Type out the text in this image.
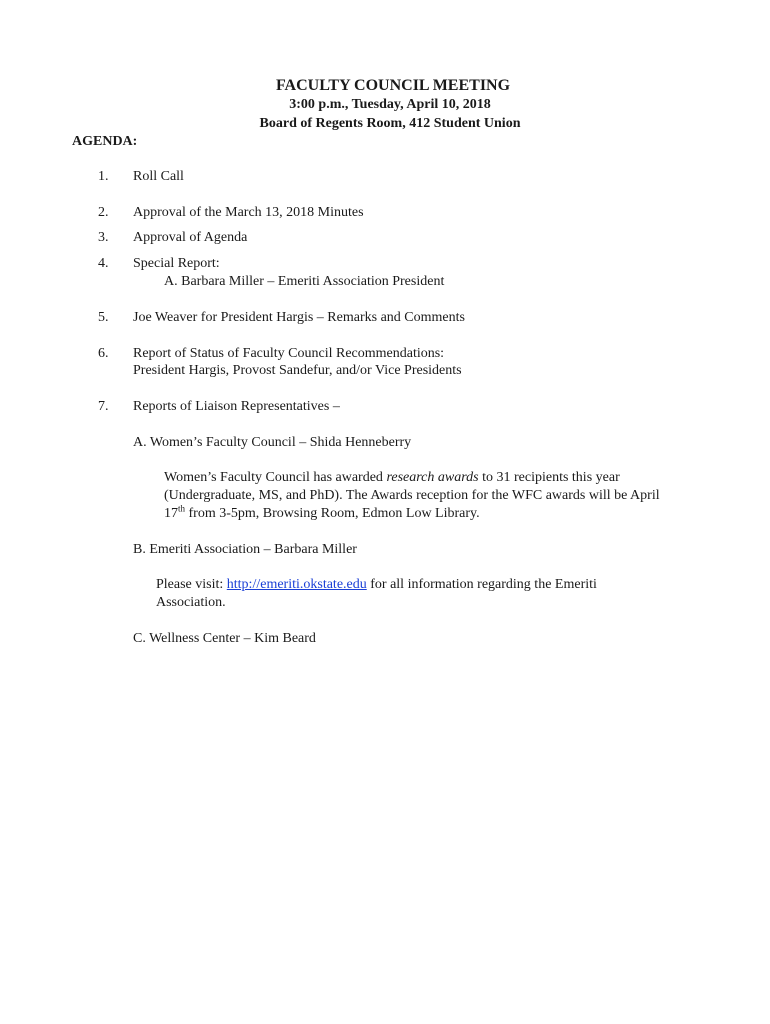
FACULTY COUNCIL MEETING
3:00 p.m., Tuesday, April 10, 2018
Board of Regents Room, 412 Student Union
AGENDA:
1. Roll Call
2. Approval of the March 13, 2018 Minutes
3. Approval of Agenda
4. Special Report:
A. Barbara Miller – Emeriti Association President
5. Joe Weaver for President Hargis – Remarks and Comments
6. Report of Status of Faculty Council Recommendations:
President Hargis, Provost Sandefur, and/or Vice Presidents
7. Reports of Liaison Representatives –
A. Women’s Faculty Council – Shida Henneberry
Women’s Faculty Council has awarded research awards to 31 recipients this year
(Undergraduate, MS, and PhD). The Awards reception for the WFC awards will be April
17th from 3-5pm, Browsing Room, Edmon Low Library.
B. Emeriti Association – Barbara Miller
Please visit: http://emeriti.okstate.edu for all information regarding the Emeriti
Association.
C. Wellness Center – Kim Beard
